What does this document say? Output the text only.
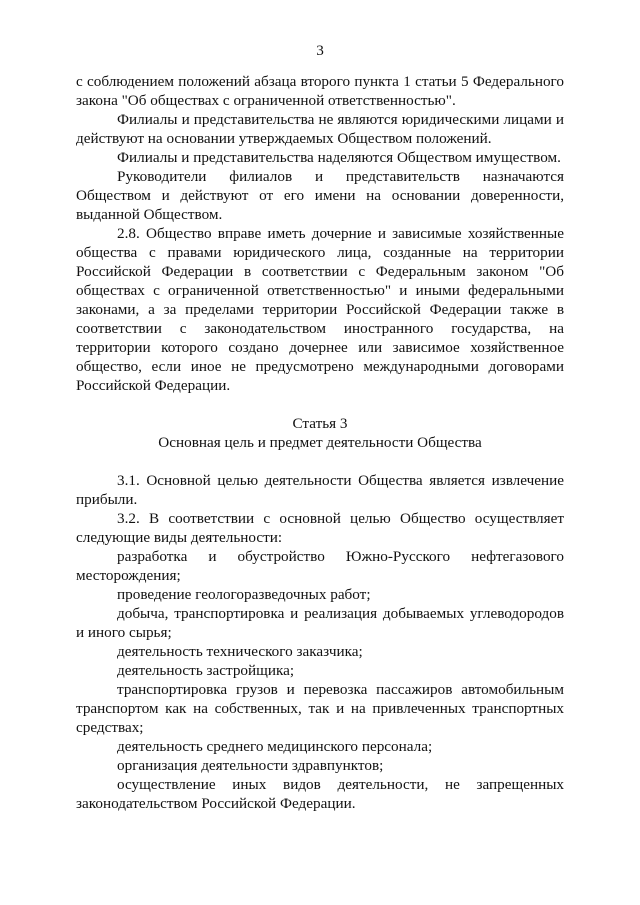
3

с соблюдением положений абзаца второго пункта 1 статьи 5 Федерального закона "Об обществах с ограниченной ответственностью".

Филиалы и представительства не являются юридическими лицами и действуют на основании утверждаемых Обществом положений.

Филиалы и представительства наделяются Обществом имуществом.

Руководители филиалов и представительств назначаются Обществом и действуют от его имени на основании доверенности, выданной Обществом.

2.8. Общество вправе иметь дочерние и зависимые хозяйственные общества с правами юридического лица, созданные на территории Российской Федерации в соответствии с Федеральным законом "Об обществах с ограниченной ответственностью" и иными федеральными законами, а за пределами территории Российской Федерации также в соответствии с законодательством иностранного государства, на территории которого создано дочернее или зависимое хозяйственное общество, если иное не предусмотрено международными договорами Российской Федерации.

Статья 3

Основная цель и предмет деятельности Общества

3.1. Основной целью деятельности Общества является извлечение прибыли.

3.2. В соответствии с основной целью Общество осуществляет следующие виды деятельности:

разработка и обустройство Южно-Русского нефтегазового месторождения;

проведение геологоразведочных работ;

добыча, транспортировка и реализация добываемых углеводородов и иного сырья;

деятельность технического заказчика;

деятельность застройщика;

транспортировка грузов и перевозка пассажиров автомобильным транспортом как на собственных, так и на привлеченных транспортных средствах;

деятельность среднего медицинского персонала;

организация деятельности здравпунктов;

осуществление иных видов деятельности, не запрещенных законодательством Российской Федерации.
